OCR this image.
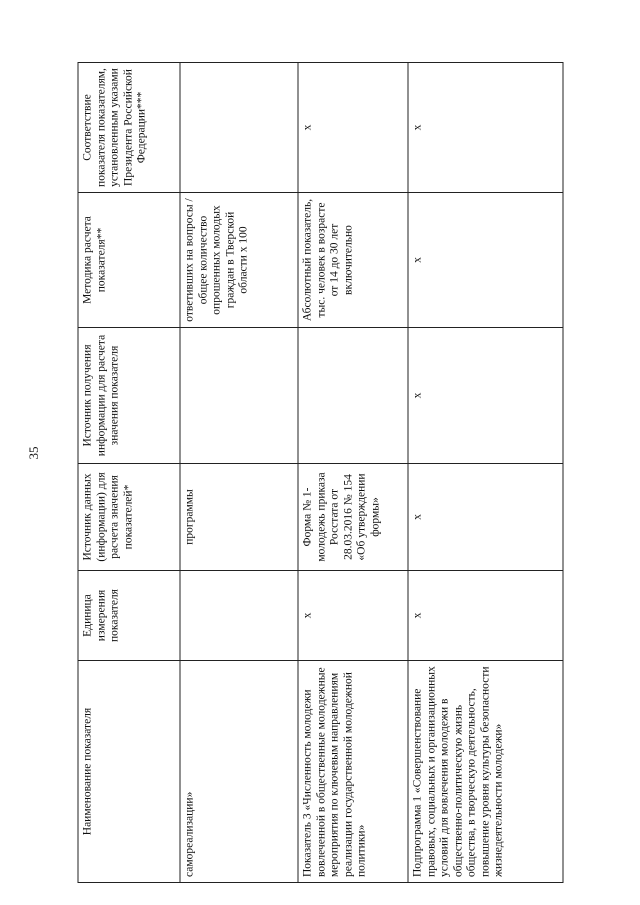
35
Наименование показателя	Единица измерения показателя	Источник данных (информации) для расчета значения показателей*	Источник получения информации для расчета значения показателя	Методика расчета показателя**	Соответствие показателя показателям, установленным указами Президента Российской Федерации***
самореализации»		программы		ответивших на вопросы / общее количество опрошенных молодых граждан в Тверской области х 100	
Показатель 3 «Численность молодежи вовлеченной в общественные молодежные мероприятия по ключевым направлениям реализации государственной молодежной политики»	х	Форма № 1-молодежь приказа Росстата от 28.03.2016 № 154 «Об утверждении формы»		Абсолютный показатель, тыс. человек в возрасте от 14 до 30 лет включительно	х
Подпрограмма 1 «Совершенствование правовых, социальных и организационных условий для вовлечения молодежи в общественно-политическую жизнь общества, в творческую деятельность, повышение уровня культуры безопасности жизнедеятельности молодежи»	х	х	х	х	х
